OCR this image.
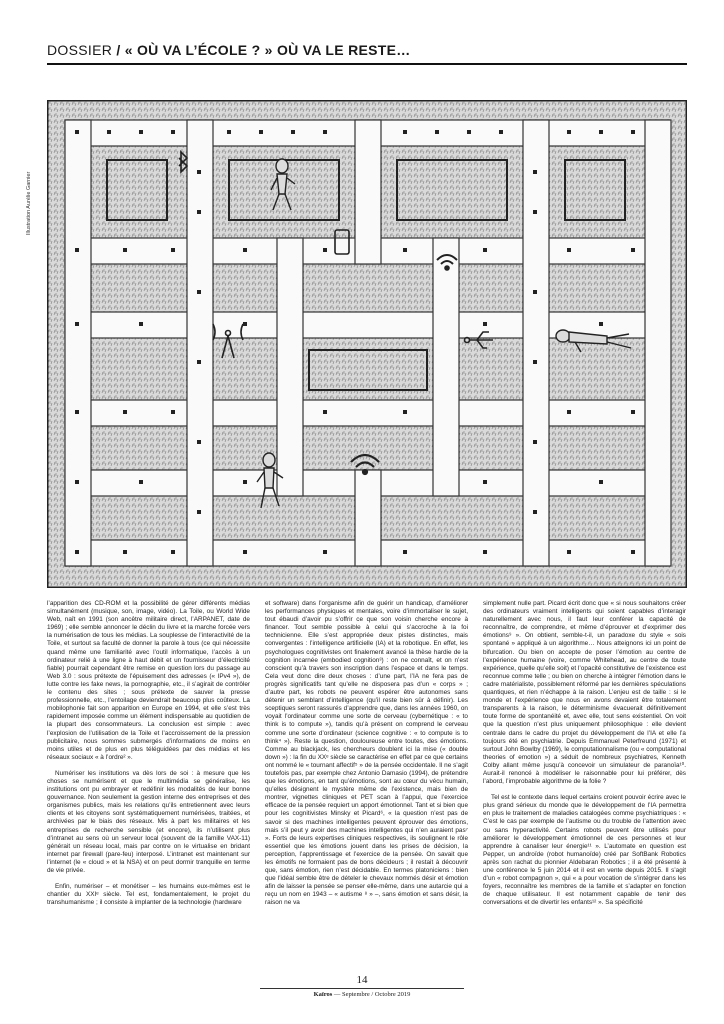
DOSSIER / « OÙ VA L’ÉCOLE ? » OÙ VA LE RESTE…
Illustration Aurélie Garnier

l’apparition des CD-ROM et la possibilité de gérer différents médias simultanément (musique, son, image, vidéo). La Toile, ou World Wide Web, naît en 1991 (son ancêtre militaire direct, l’ARPANET, date de 1969) ; elle semble annoncer le déclin du livre et la marche forcée vers la numérisation de tous les médias. La souplesse de l’interactivité de la Toile, et surtout sa faculté de donner la parole à tous (ce qui nécessite quand même une familiarité avec l’outil informatique, l’accès à un ordinateur relié à une ligne à haut débit et un fournisseur d’électricité fiable) pourrait cependant être remise en question lors du passage au Web 3.0 : sous prétexte de l’épuisement des adresses (« IPv4 »), de lutte contre les fake news, la pornographie, etc., il s’agirait de contrôler le contenu des sites ; sous prétexte de sauver la presse professionnelle, etc., l’entoilage deviendrait beaucoup plus coûteux. La mobilophonie fait son apparition en Europe en 1994, et elle s’est très rapidement imposée comme un élément indispensable au quotidien de la plupart des consommateurs. La conclusion est simple : avec l’explosion de l’utilisation de la Toile et l’accroissement de la pression publicitaire, nous sommes submergés d’informations de moins en moins utiles et de plus en plus téléguidées par des médias et les réseaux sociaux « à l’ordre² ».

Numériser les institutions va dès lors de soi : à mesure que les choses se numérisent et que le multimédia se généralise, les institutions ont pu embrayer et redéfinir les modalités de leur bonne gouvernance. Non seulement la gestion interne des entreprises et des organismes publics, mais les relations qu’ils entretiennent avec leurs clients et les citoyens sont systématiquement numérisées, traitées, et archivées par le biais des réseaux. Mis à part les militaires et les entreprises de recherche sensible (et encore), ils n’utilisent plus d’intranet au sens où un serveur local (souvent de la famille VAX-11) générait un réseau local, mais par contre on le virtualise en bridant internet par firewall (pare-feu) interposé. L’intranet est maintenant sur l’internet (le « cloud » et la NSA) et on peut dormir tranquille en terme de vie privée.

Enfin, numériser – et monétiser – les humains eux-mêmes est le chantier du XXIᵉ siècle. Tel est, fondamentalement, le projet du transhumanisme ; il consiste à implanter de la technologie (hardware

et software) dans l’organisme afin de guérir un handicap, d’améliorer les performances physiques et mentales, voire d’immortaliser le sujet, tout ébaudi d’avoir pu s’offrir ce que son voisin cherche encore à financer. Tout semble possible à celui qui s’accroche à la foi technicienne. Elle s’est appropriée deux pistes distinctes, mais convergentes : l’intelligence artificielle (IA) et la robotique. En effet, les psychologues cognitivistes ont finalement avancé la thèse hardie de la cognition incarnée (embodied cognition³) : on ne connaît, et on n’est conscient qu’à travers son inscription dans l’espace et dans le temps. Cela veut donc dire deux choses : d’une part, l’IA ne fera pas de progrès significatifs tant qu’elle ne disposera pas d’un « corps » ; d’autre part, les robots ne peuvent espérer être autonomes sans détenir un semblant d’intelligence (qu’il reste bien sûr à définir). Les sceptiques seront rassurés d’apprendre que, dans les années 1960, on voyait l’ordinateur comme une sorte de cerveau (cybernétique : « to think is to compute »), tandis qu’à présent on comprend le cerveau comme une sorte d’ordinateur (science cognitive : « to compute is to think⁴ »). Reste la question, douloureuse entre toutes, des émotions. Comme au blackjack, les chercheurs doublent ici la mise (« double down ») : la fin du XXᵉ siècle se caractérise en effet par ce que certains ont nommé le « tournant affectif⁵ » de la pensée occidentale. Il ne s’agit toutefois pas, par exemple chez Antonio Damasio (1994), de prétendre que les émotions, en tant qu’émotions, sont au cœur du vécu humain, qu’elles désignent le mystère même de l’existence, mais bien de montrer, vignettes cliniques et PET scan à l’appui, que l’exercice efficace de la pensée requiert un apport émotionnel. Tant et si bien que pour les cognitivistes Minsky et Picard⁶, « la question n’est pas de savoir si des machines intelligentes peuvent éprouver des émotions, mais s’il peut y avoir des machines intelligentes qui n’en auraient pas⁷ ». Forts de leurs expertises cliniques respectives, ils soulignent le rôle essentiel que les émotions jouent dans les prises de décision, la perception, l’apprentissage et l’exercice de la pensée. On savait que les émotifs ne formaient pas de bons décideurs ; il restait à découvrir que, sans émotion, rien n’est décidable. En termes platoniciens : bien que l’idéal semble être de dételer le chevaux nommés désir et émotion afin de laisser la pensée se penser elle-même, dans une autarcie qui a reçu un nom en 1943 – « autisme ⁸ » –, sans émotion et sans désir, la raison ne va

simplement nulle part. Picard écrit donc que « si nous souhaitons créer des ordinateurs vraiment intelligents qui soient capables d’interagir naturellement avec nous, il faut leur conférer la capacité de reconnaître, de comprendre, et même d’éprouver et d’exprimer des émotions⁹ ». On obtient, semble-t-il, un paradoxe du style « sois spontané » appliqué à un algorithme… Nous atteignons ici un point de bifurcation. Ou bien on accepte de poser l’émotion au centre de l’expérience humaine (voire, comme Whitehead, au centre de toute expérience, quelle qu’elle soit) et l’opacité constitutive de l’existence est reconnue comme telle ; ou bien on cherche à intégrer l’émotion dans le cadre matérialiste, possiblement réformé par les dernières spéculations quantiques, et rien n’échappe à la raison. L’enjeu est de taille : si le monde et l’expérience que nous en avons devaient être totalement transparents à la raison, le déterminisme évacuerait définitivement toute forme de spontanéité et, avec elle, tout sens existentiel. On voit que la question n’est plus uniquement philosophique : elle devient centrale dans le cadre du projet du développement de l’IA et elle l’a toujours été en psychiatrie. Depuis Emmanuel Peterfreund (1971) et surtout John Bowlby (1969), le computationnalisme (ou « computational theories of emotion ») a séduit de nombreux psychiatres, Kenneth Colby allant même jusqu’à concevoir un simulateur de paranoïa¹⁰. Aurait-il renoncé à modéliser le raisonnable pour lui préférer, dès l’abord, l’improbable algorithme de la folie ?

Tel est le contexte dans lequel certains croient pouvoir écrire avec le plus grand sérieux du monde que le développement de l’IA permettra en plus le traitement de maladies catalogées comme psychiatriques : « C’est le cas par exemple de l’autisme ou du trouble de l’attention avec ou sans hyperactivité. Certains robots peuvent être utilisés pour améliorer le développement émotionnel de ces personnes et leur apprendre à canaliser leur énergie¹¹ ». L’automate en question est Pepper, un androïde (robot humanoïde) créé par SoftBank Robotics après son rachat du pionnier Aldebaran Robotics ; il a été présenté à une conférence le 5 juin 2014 et il est en vente depuis 2015. Il s’agit d’un « robot compagnon », qui « a pour vocation de s’intégrer dans les foyers, reconnaître les membres de la famille et s’adapter en fonction de chaque utilisateur. Il est notamment capable de tenir des conversations et de divertir les enfants¹² ». Sa spécificité

14
Kaïros — Septembre / Octobre 2019
